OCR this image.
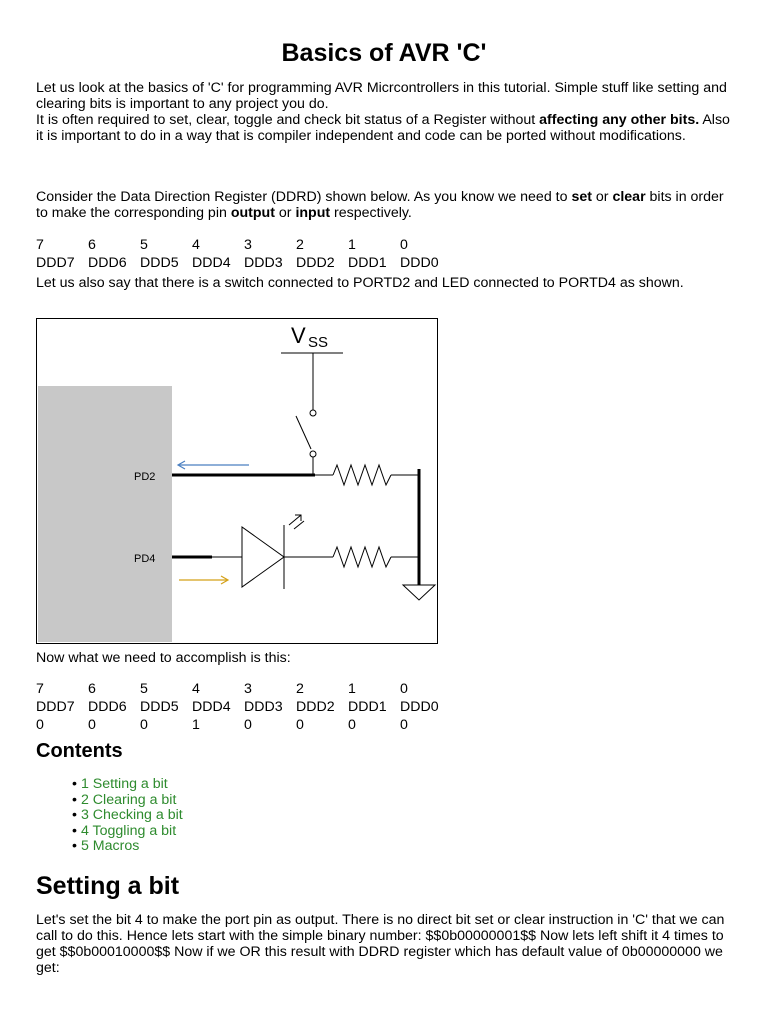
Basics of AVR 'C'

Let us look at the basics of 'C' for programming AVR Micrcontrollers in this tutorial. Simple stuff like setting and clearing bits is important to any project you do.
It is often required to set, clear, toggle and check bit status of a Register without affecting any other bits. Also it is important to do in a way that is compiler independent and code can be ported without modifications.

Consider the Data Direction Register (DDRD) shown below. As you know we need to set or clear bits in order to make the corresponding pin output or input respectively.

7	6	5	4	3	2	1	0
DDD7	DDD6	DDD5	DDD4	DDD3	DDD2	DDD1	DDD0

Let us also say that there is a switch connected to PORTD2 and LED connected to PORTD4 as shown.

V SS
PD2
PD4

Now what we need to accomplish is this:

7	6	5	4	3	2	1	0
DDD7	DDD6	DDD5	DDD4	DDD3	DDD2	DDD1	DDD0
0	0	0	1	0	0	0	0
Contents
• 1 Setting a bit
• 2 Clearing a bit
• 3 Checking a bit
• 4 Toggling a bit
• 5 Macros
Setting a bit

Let's set the bit 4 to make the port pin as output. There is no direct bit set or clear instruction in 'C' that we can call to do this. Hence lets start with the simple binary number: $$0b00000001$$ Now lets left shift it 4 times to get $$0b00010000$$ Now if we OR this result with DDRD register which has default value of 0b00000000 we get:
